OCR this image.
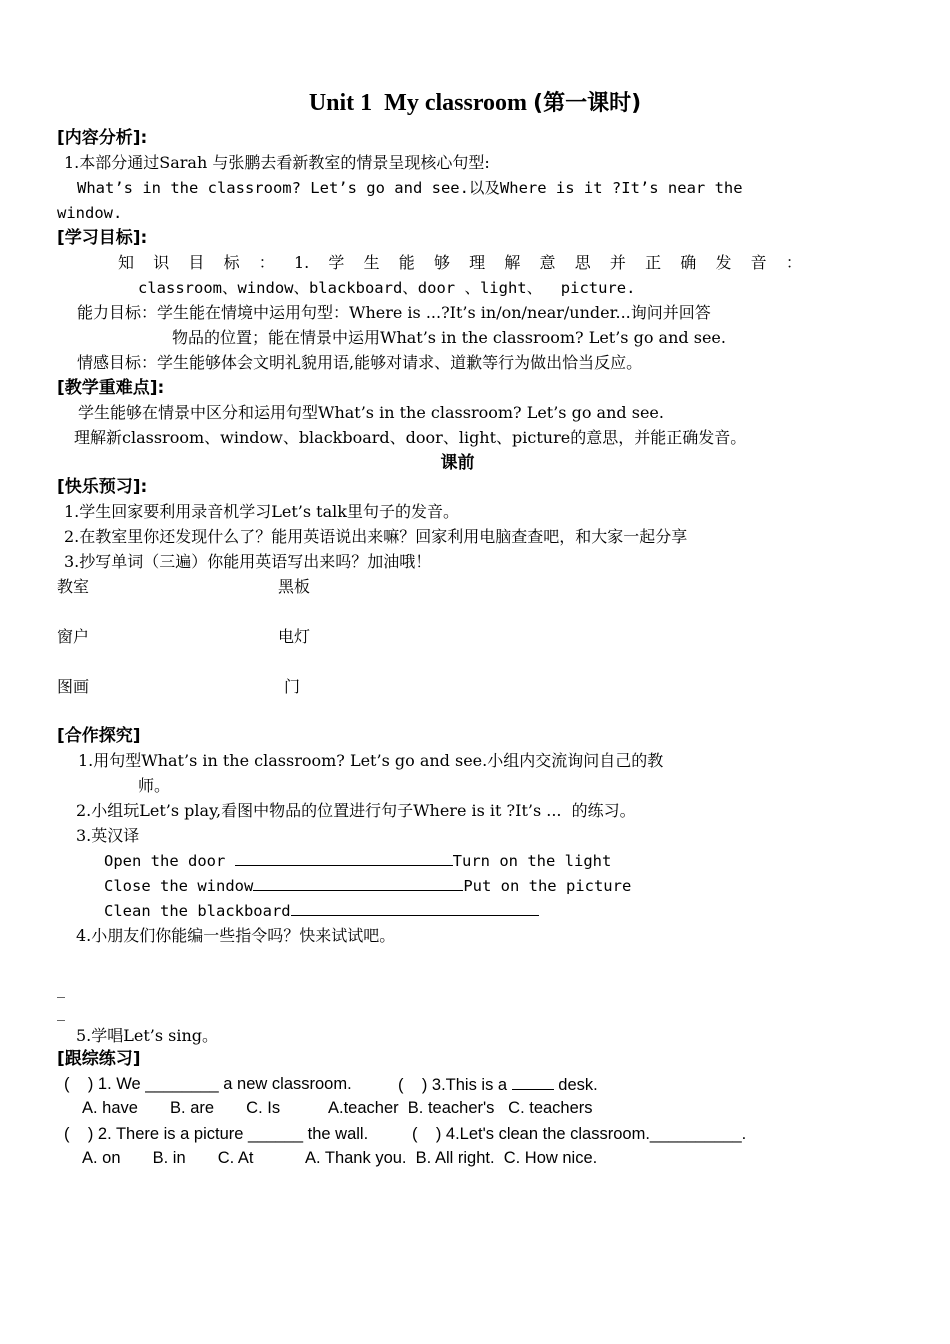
Unit 1  My classroom (第一课时)
[内容分析]:
1.本部分通过Sarah 与张鹏去看新教室的情景呈现核心句型:
What’s in the classroom? Let’s go and see.以及Where is it ?It’s near the
window.
[学习目标]:
知 识 目 标 ： 1. 学 生 能 够 理 解 意 思 并 正 确 发 音 ：
classroom、window、blackboard、door 、light、  picture.
能力目标：学生能在情境中运用句型：Where is ...?It’s in/on/near/under...询问并回答
物品的位置；能在情景中运用What’s in the classroom? Let’s go and see.
情感目标：学生能够体会文明礼貌用语,能够对请求、道歉等行为做出恰当反应。
[教学重难点]:
学生能够在情景中区分和运用句型What’s in the classroom? Let’s go and see.
理解新classroom、window、blackboard、door、light、picture的意思，并能正确发音。
课前
[快乐预习]:
1.学生回家要利用录音机学习Let’s talk里句子的发音。
2.在教室里你还发现什么了？能用英语说出来嘛？回家利用电脑查查吧，和大家一起分享
3.抄写单词（三遍）你能用英语写出来吗？加油哦！
教室	黑板
窗户	电灯
图画	门
[合作探究]
1.用句型What’s in the classroom? Let’s go and see.小组内交流询问自己的教
师。
2.小组玩Let’s play,看图中物品的位置进行句子Where is it ?It’s ...  的练习。
3.英汉译
Open the door	Turn on the light
Close the window	Put on the picture
Clean the blackboard
4.小朋友们你能编一些指令吗？快来试试吧。
_
_
5.学唱Let’s sing。
[跟综练习]
(    ) 1. We ________ a new classroom.	(    ) 3.This is a	desk.
A. have       B. are       C. Is	A.teacher  B. teacher's   C. teachers
(    ) 2. There is a picture ______ the wall.	(    ) 4.Let's clean the classroom.__________.
A. on       B. in       C. At	A. Thank you.  B. All right.  C. How nice.
